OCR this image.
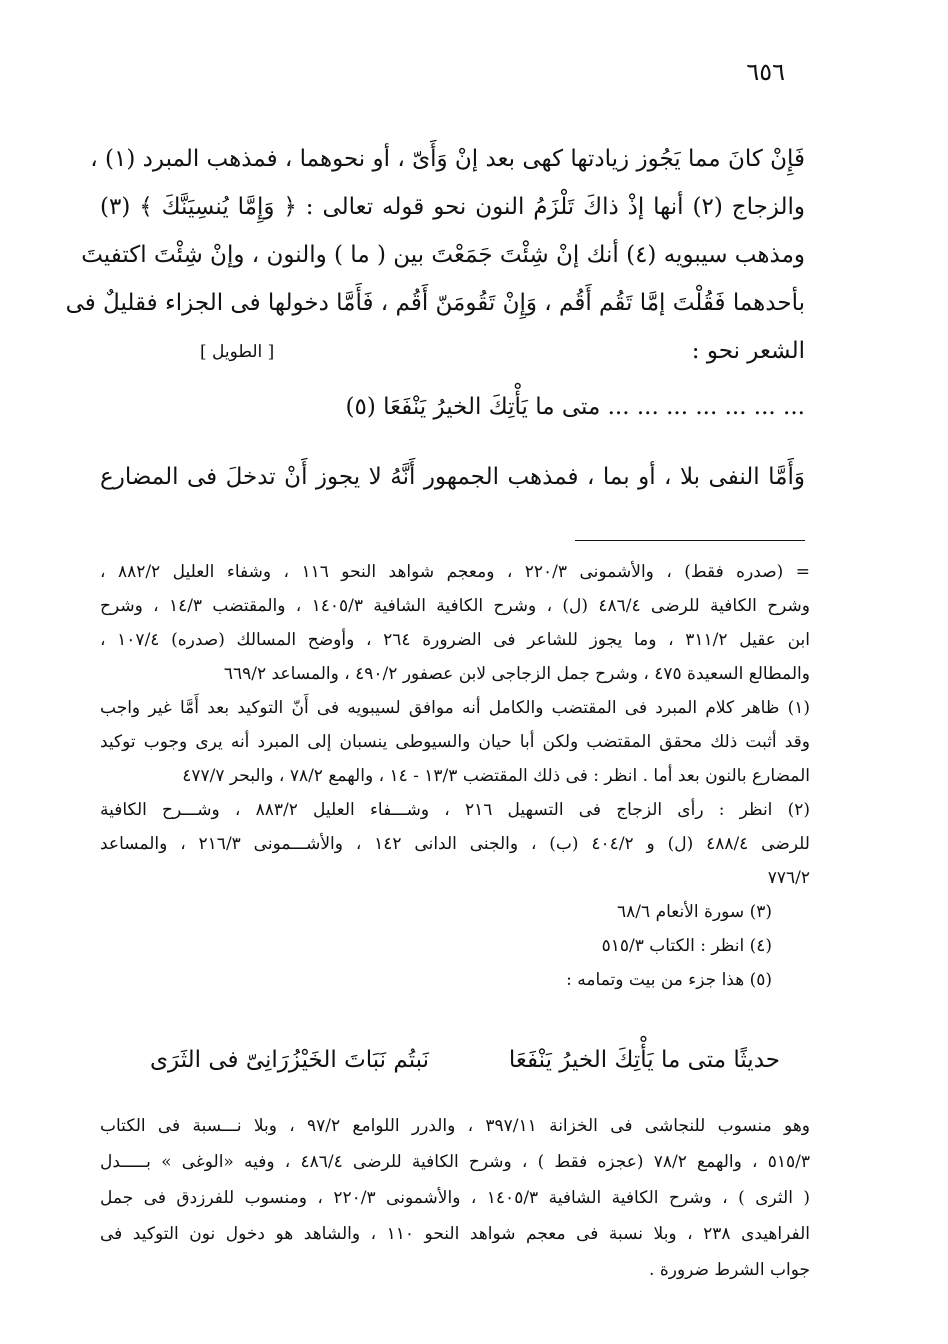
٦٥٦
فَإِنْ كانَ مما يَجُوز زيادتها كهى بعد إنْ وَأَىّ ، أو نحوهما ، فمذهب المبرد (١) ،
والزجاج (٢) أنها إذْ ذاكَ تَلْزَمُ النون نحو قوله تعالى : ﴿ وَإِمَّا يُنسِيَنَّكَ ﴾ (٣)
ومذهب سيبويه (٤) أنك إنْ شِئْتَ جَمَعْتَ بين ( ما ) والنون ، وإنْ شِئْتَ اكتفيتَ
بأحدهما فَقُلْتَ إمَّا تَقُم أَقُم ، وَإِنْ تَقُومَنّ أَقُم ، فَأَمَّا دخولها فى الجزاء فقليلٌ فى
الشعر نحو :
[ الطويل ]
... ... ... ... ... ... ... متى ما يَأْتِكَ الخيرُ يَنْفَعَا (٥)
وَأَمَّا النفى بلا ، أو بما ، فمذهب الجمهور أَنَّهُ لا يجوز أَنْ تدخلَ فى المضارع
= (صدره فقط) ، والأشمونى ٢٢٠/٣ ، ومعجم شواهد النحو ١١٦ ، وشفاء العليل ٨٨٢/٢ ،
وشرح الكافية للرضى ٤٨٦/٤ (ل) ، وشرح الكافية الشافية ١٤٠٥/٣ ، والمقتضب ١٤/٣ ، وشرح
ابن عقيل ٣١١/٢ ، وما يجوز للشاعر فى الضرورة ٢٦٤ ، وأوضح المسالك (صدره) ١٠٧/٤ ،
والمطالع السعيدة ٤٧٥ ، وشرح جمل الزجاجى لابن عصفور ٤٩٠/٢ ، والمساعد ٦٦٩/٢
(١) ظاهر كلام المبرد فى المقتضب والكامل أنه موافق لسيبويه فى أَنّ التوكيد بعد أَمَّا غير واجب
وقد أثبت ذلك محقق المقتضب ولكن أبا حيان والسيوطى ينسبان إلى المبرد أنه يرى وجوب توكيد
المضارع بالنون بعد أما . انظر : فى ذلك المقتضب ١٣/٣ - ١٤ ، والهمع ٧٨/٢ ، والبحر ٤٧٧/٧
(٢) انظر : رأى الزجاج فى التسهيل ٢١٦ ، وشـــفاء العليل ٨٨٣/٢ ، وشـــرح الكافية
للرضى ٤٨٨/٤ (ل) و ٤٠٤/٢ (ب) ، والجنى الدانى ١٤٢ ، والأشـــمونى ٢١٦/٣ ، والمساعد
٧٧٦/٢
(٣) سورة الأنعام ٦٨/٦
(٤) انظر : الكتاب ٥١٥/٣
(٥) هذا جزء من بيت وتمامه :
نَبتُم نَبَاتَ الخَيْزُرَانِىّ فى الثَرَى	حديثًا متى ما يَأْتِكَ الخيرُ يَنْفَعَا
وهو منسوب للنجاشى فى الخزانة ٣٩٧/١١ ، والدرر اللوامع ٩٧/٢ ، وبلا نـــسبة فى الكتاب
٥١٥/٣ ، والهمع ٧٨/٢ (عجزه فقط ) ، وشرح الكافية للرضى ٤٨٦/٤ ، وفيه «الوغى » بـــــدل
( الثرى ) ، وشرح الكافية الشافية ١٤٠٥/٣ ، والأشمونى ٢٢٠/٣ ، ومنسوب للفرزدق فى جمل
الفراهيدى ٢٣٨ ، وبلا نسبة فى معجم شواهد النحو ١١٠ ، والشاهد هو دخول نون التوكيد فى
جواب الشرط ضرورة .
